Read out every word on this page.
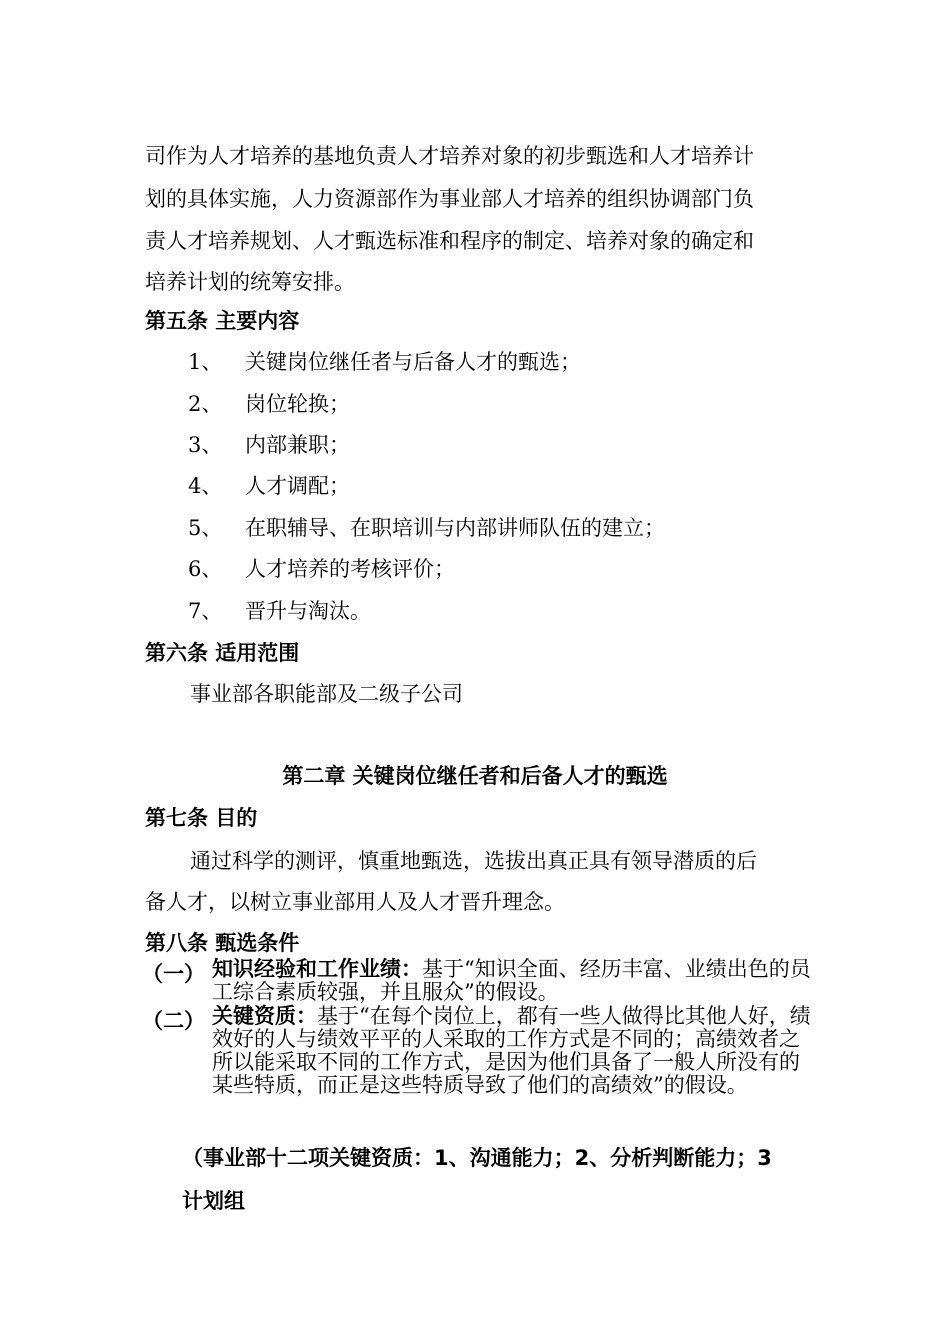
司作为人才培养的基地负责人才培养对象的初步甄选和人才培养计
划的具体实施，人力资源部作为事业部人才培养的组织协调部门负
责人才培养规划、人才甄选标准和程序的制定、培养对象的确定和
培养计划的统筹安排。
第五条 主要内容
1、 关键岗位继任者与后备人才的甄选；
2、 岗位轮换；
3、 内部兼职；
4、 人才调配；
5、 在职辅导、在职培训与内部讲师队伍的建立；
6、 人才培养的考核评价；
7、 晋升与淘汰。
第六条 适用范围
事业部各职能部及二级子公司
第二章 关键岗位继任者和后备人才的甄选
第七条 目的
通过科学的测评，慎重地甄选，选拔出真正具有领导潜质的后
备人才，以树立事业部用人及人才晋升理念。
第八条 甄选条件
（一） 知识经验和工作业绩：基于“知识全面、经历丰富、业绩出色的员工综合素质较强，并且服众”的假设。
（二） 关键资质：基于“在每个岗位上，都有一些人做得比其他人好，绩效好的人与绩效平平的人采取的工作方式是不同的；高绩效者之所以能采取不同的工作方式，是因为他们具备了一般人所没有的某些特质，而正是这些特质导致了他们的高绩效”的假设。
（事业部十二项关键资质：1、沟通能力；2、分析判断能力；3
计划组
